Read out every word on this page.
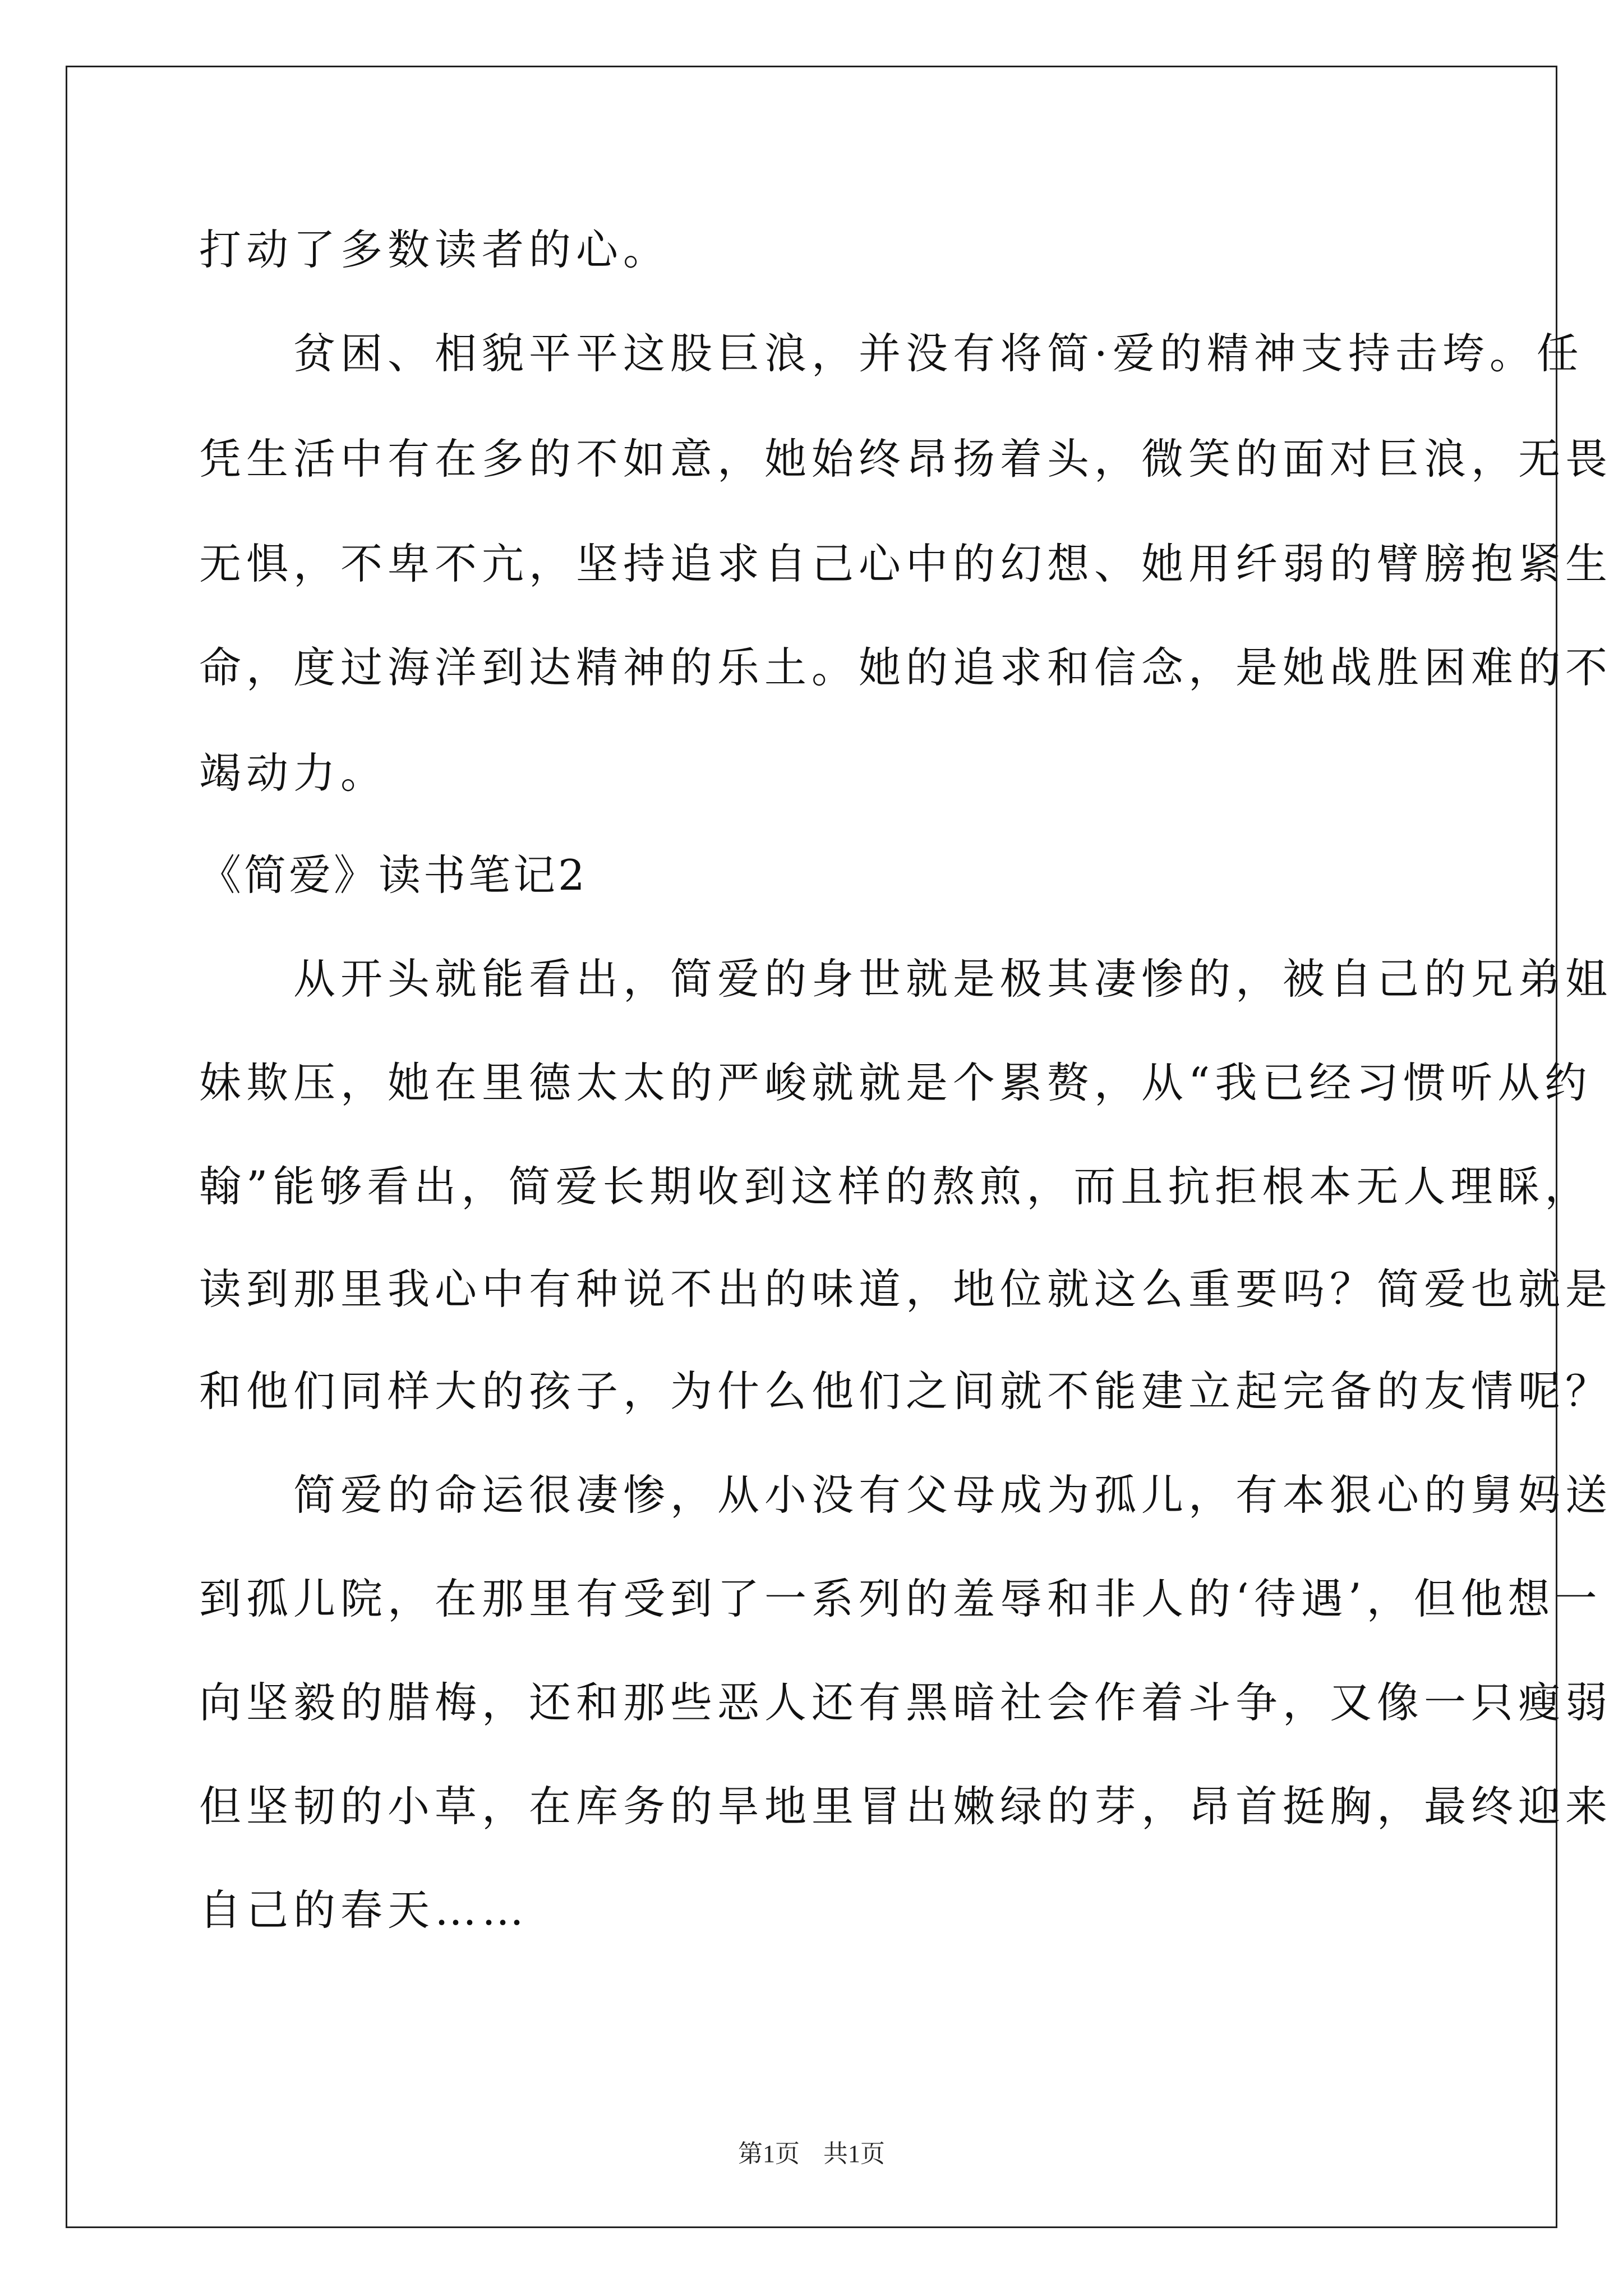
打动了多数读者的心。
　　贫困、相貌平平这股巨浪，并没有将简·爱的精神支持击垮。任
凭生活中有在多的不如意，她始终昂扬着头，微笑的面对巨浪，无畏
无惧，不卑不亢，坚持追求自己心中的幻想、她用纤弱的臂膀抱紧生
命，度过海洋到达精神的乐土。她的追求和信念，是她战胜困难的不
竭动力。
《简爱》读书笔记2
　　从开头就能看出，简爱的身世就是极其凄惨的，被自己的兄弟姐
妹欺压，她在里德太太的严峻就就是个累赘，从“我已经习惯听从约
翰”能够看出，简爱长期收到这样的熬煎，而且抗拒根本无人理睬，
读到那里我心中有种说不出的味道，地位就这么重要吗？简爱也就是
和他们同样大的孩子，为什么他们之间就不能建立起完备的友情呢？
　　简爱的命运很凄惨，从小没有父母成为孤儿，有本狠心的舅妈送
到孤儿院，在那里有受到了一系列的羞辱和非人的‘待遇’，但他想一
向坚毅的腊梅，还和那些恶人还有黑暗社会作着斗争，又像一只瘦弱
但坚韧的小草，在库务的旱地里冒出嫩绿的芽，昂首挺胸，最终迎来
自己的春天……
第1页 共1页
